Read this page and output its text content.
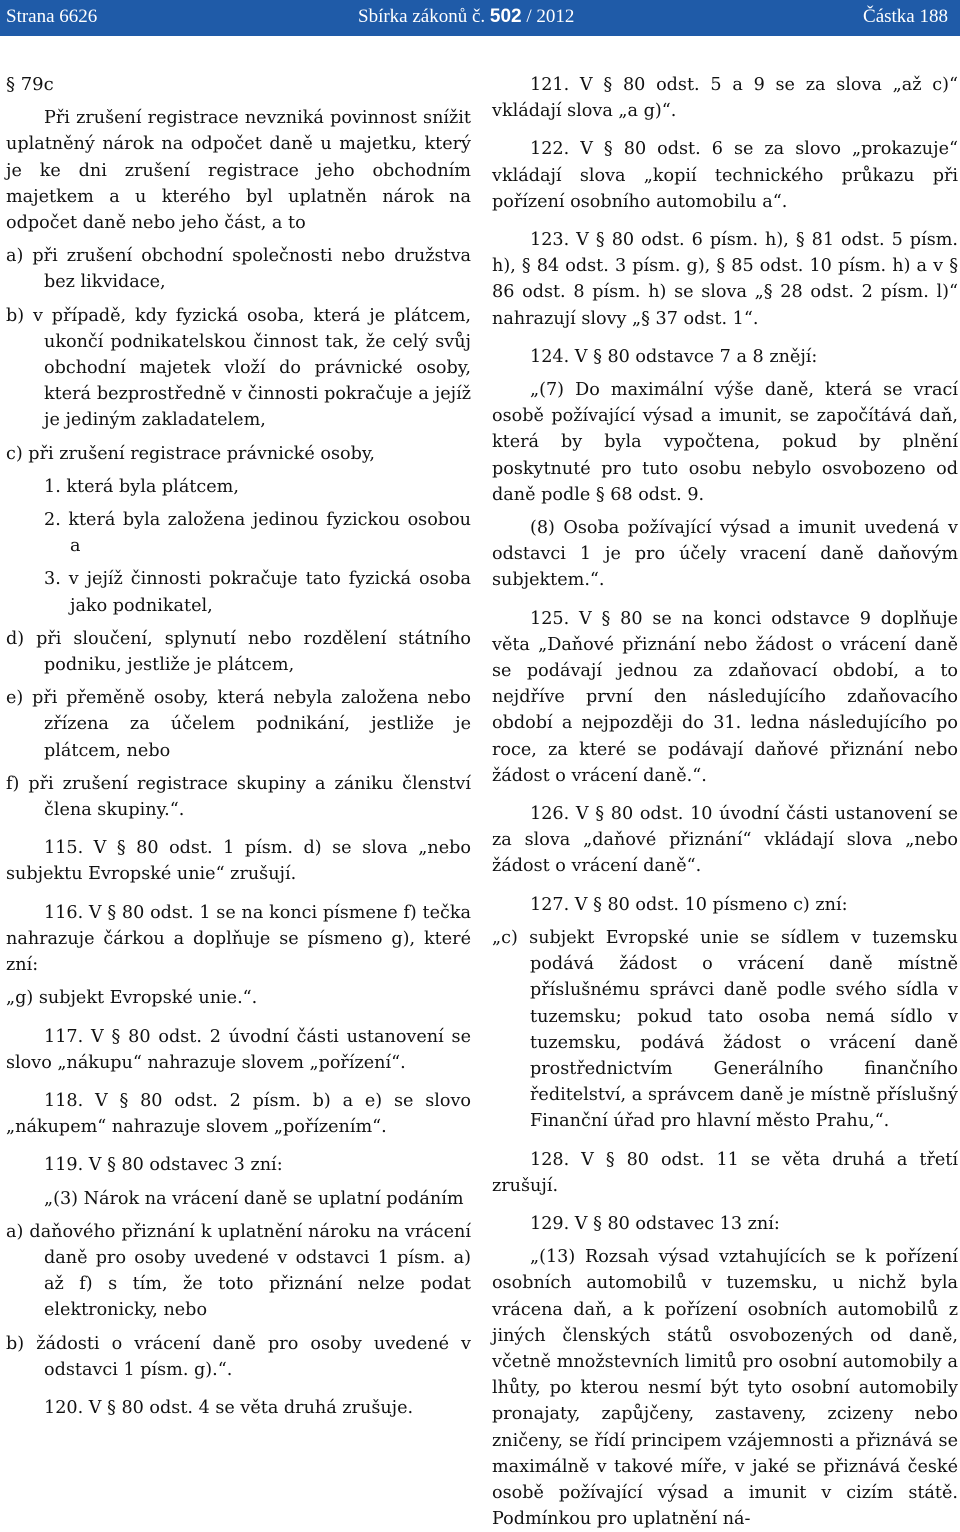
Strana 6626	Sbírka zákonů č. 502 / 2012	Částka 188

§ 79c

Při zrušení registrace nevzniká povinnost snížit uplatněný nárok na odpočet daně u majetku, který je ke dni zrušení registrace jeho obchodním majetkem a u kterého byl uplatněn nárok na odpočet daně nebo jeho část, a to

a) při zrušení obchodní společnosti nebo družstva bez likvidace,

b) v případě, kdy fyzická osoba, která je plátcem, ukončí podnikatelskou činnost tak, že celý svůj obchodní majetek vloží do právnické osoby, která bezprostředně v činnosti pokračuje a jejíž je jediným zakladatelem,

c) při zrušení registrace právnické osoby,

1. která byla plátcem,

2. která byla založena jedinou fyzickou osobou a

3. v jejíž činnosti pokračuje tato fyzická osoba jako podnikatel,

d) při sloučení, splynutí nebo rozdělení státního podniku, jestliže je plátcem,

e) při přeměně osoby, která nebyla založena nebo zřízena za účelem podnikání, jestliže je plátcem, nebo

f) při zrušení registrace skupiny a zániku členství člena skupiny.“.

115. V § 80 odst. 1 písm. d) se slova „nebo subjektu Evropské unie“ zrušují.

116. V § 80 odst. 1 se na konci písmene f) tečka nahrazuje čárkou a doplňuje se písmeno g), které zní:

„g) subjekt Evropské unie.“.

117. V § 80 odst. 2 úvodní části ustanovení se slovo „nákupu“ nahrazuje slovem „pořízení“.

118. V § 80 odst. 2 písm. b) a e) se slovo „nákupem“ nahrazuje slovem „pořízením“.

119. V § 80 odstavec 3 zní:

„(3) Nárok na vrácení daně se uplatní podáním

a) daňového přiznání k uplatnění nároku na vrácení daně pro osoby uvedené v odstavci 1 písm. a) až f) s tím, že toto přiznání nelze podat elektronicky, nebo

b) žádosti o vrácení daně pro osoby uvedené v odstavci 1 písm. g).“.

120. V § 80 odst. 4 se věta druhá zrušuje.

121. V § 80 odst. 5 a 9 se za slova „až c)“ vkládají slova „a g)“.

122. V § 80 odst. 6 se za slovo „prokazuje“ vkládají slova „kopií technického průkazu při pořízení osobního automobilu a“.

123. V § 80 odst. 6 písm. h), § 81 odst. 5 písm. h), § 84 odst. 3 písm. g), § 85 odst. 10 písm. h) a v § 86 odst. 8 písm. h) se slova „§ 28 odst. 2 písm. l)“ nahrazují slovy „§ 37 odst. 1“.

124. V § 80 odstavce 7 a 8 znějí:

„(7) Do maximální výše daně, která se vrací osobě požívající výsad a imunit, se započítává daň, která by byla vypočtena, pokud by plnění poskytnuté pro tuto osobu nebylo osvobozeno od daně podle § 68 odst. 9.

(8) Osoba požívající výsad a imunit uvedená v odstavci 1 je pro účely vracení daně daňovým subjektem.“.

125. V § 80 se na konci odstavce 9 doplňuje věta „Daňové přiznání nebo žádost o vrácení daně se podávají jednou za zdaňovací období, a to nejdříve první den následujícího zdaňovacího období a nejpozději do 31. ledna následujícího po roce, za které se podávají daňové přiznání nebo žádost o vrácení daně.“.

126. V § 80 odst. 10 úvodní části ustanovení se za slova „daňové přiznání“ vkládají slova „nebo žádost o vrácení daně“.

127. V § 80 odst. 10 písmeno c) zní:

„c) subjekt Evropské unie se sídlem v tuzemsku podává žádost o vrácení daně místně příslušnému správci daně podle svého sídla v tuzemsku; pokud tato osoba nemá sídlo v tuzemsku, podává žádost o vrácení daně prostřednictvím Generálního finančního ředitelství, a správcem daně je místně příslušný Finanční úřad pro hlavní město Prahu,“.

128. V § 80 odst. 11 se věta druhá a třetí zrušují.

129. V § 80 odstavec 13 zní:

„(13) Rozsah výsad vztahujících se k pořízení osobních automobilů v tuzemsku, u nichž byla vrácena daň, a k pořízení osobních automobilů z jiných členských států osvobozených od daně, včetně množstevních limitů pro osobní automobily a lhůty, po kterou nesmí být tyto osobní automobily pronajaty, zapůjčeny, zastaveny, zcizeny nebo zničeny, se řídí principem vzájemnosti a přiznává se maximálně v takové míře, v jaké se přiznává české osobě požívající výsad a imunit v cizím státě. Podmínkou pro uplatnění ná-
